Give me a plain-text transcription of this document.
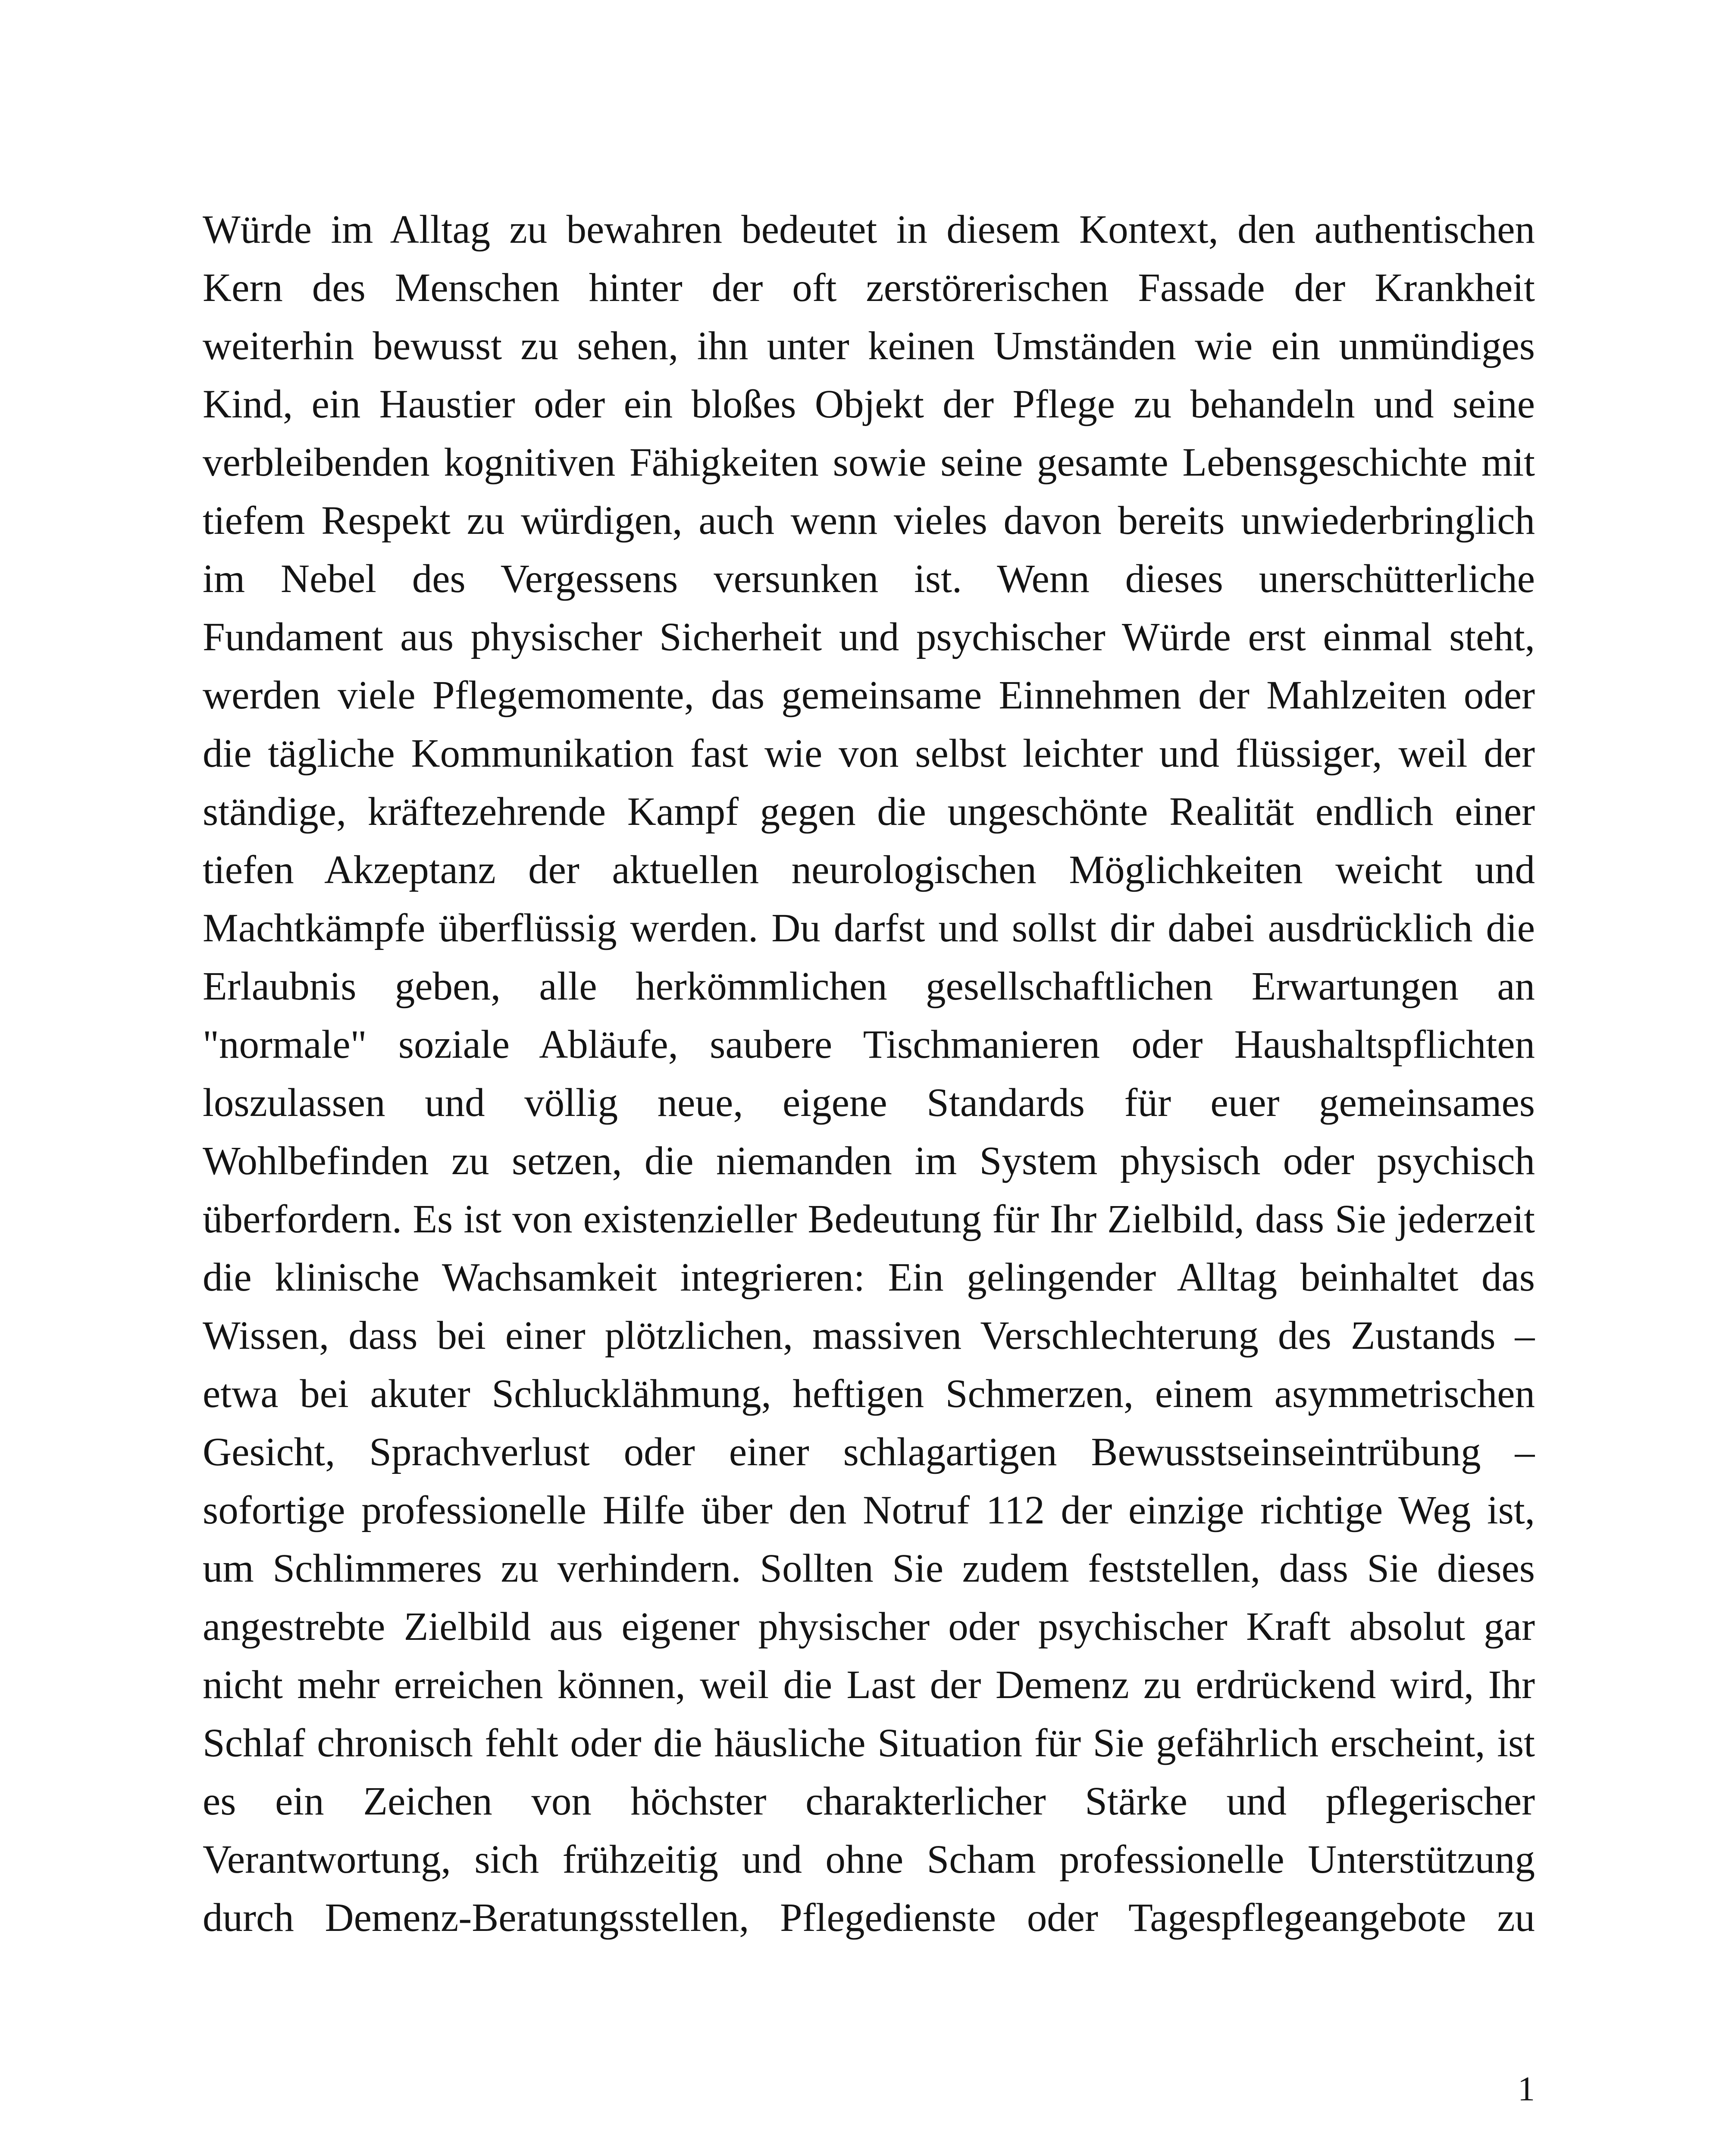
Würde im Alltag zu bewahren bedeutet in diesem Kontext, den authentischen
Kern des Menschen hinter der oft zerstörerischen Fassade der Krankheit
weiterhin bewusst zu sehen, ihn unter keinen Umständen wie ein unmündiges
Kind, ein Haustier oder ein bloßes Objekt der Pflege zu behandeln und seine
verbleibenden kognitiven Fähigkeiten sowie seine gesamte Lebensgeschichte mit
tiefem Respekt zu würdigen, auch wenn vieles davon bereits unwiederbringlich
im Nebel des Vergessens versunken ist. Wenn dieses unerschütterliche
Fundament aus physischer Sicherheit und psychischer Würde erst einmal steht,
werden viele Pflegemomente, das gemeinsame Einnehmen der Mahlzeiten oder
die tägliche Kommunikation fast wie von selbst leichter und flüssiger, weil der
ständige, kräftezehrende Kampf gegen die ungeschönte Realität endlich einer
tiefen Akzeptanz der aktuellen neurologischen Möglichkeiten weicht und
Machtkämpfe überflüssig werden. Du darfst und sollst dir dabei ausdrücklich die
Erlaubnis geben, alle herkömmlichen gesellschaftlichen Erwartungen an
"normale" soziale Abläufe, saubere Tischmanieren oder Haushaltspflichten
loszulassen und völlig neue, eigene Standards für euer gemeinsames
Wohlbefinden zu setzen, die niemanden im System physisch oder psychisch
überfordern. Es ist von existenzieller Bedeutung für Ihr Zielbild, dass Sie jederzeit
die klinische Wachsamkeit integrieren: Ein gelingender Alltag beinhaltet das
Wissen, dass bei einer plötzlichen, massiven Verschlechterung des Zustands –
etwa bei akuter Schlucklähmung, heftigen Schmerzen, einem asymmetrischen
Gesicht, Sprachverlust oder einer schlagartigen Bewusstseinseintrübung –
sofortige professionelle Hilfe über den Notruf 112 der einzige richtige Weg ist,
um Schlimmeres zu verhindern. Sollten Sie zudem feststellen, dass Sie dieses
angestrebte Zielbild aus eigener physischer oder psychischer Kraft absolut gar
nicht mehr erreichen können, weil die Last der Demenz zu erdrückend wird, Ihr
Schlaf chronisch fehlt oder die häusliche Situation für Sie gefährlich erscheint, ist
es ein Zeichen von höchster charakterlicher Stärke und pflegerischer
Verantwortung, sich frühzeitig und ohne Scham professionelle Unterstützung
durch Demenz-Beratungsstellen, Pflegedienste oder Tagespflegeangebote zu
1
